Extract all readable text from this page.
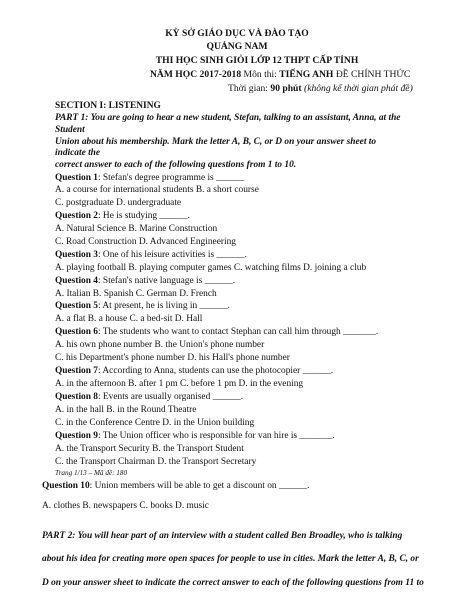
KỲ SỞ GIÁO DỤC VÀ ĐÀO TẠO
QUẢNG NAM
THI HỌC SINH GIỎI LỚP 12 THPT CẤP TỈNH
NĂM HỌC 2017-2018 Môn thi: TIẾNG ANH ĐỀ CHÍNH THỨC
Thời gian: 90 phút (không kể thời gian phát đề)
SECTION I: LISTENING
PART 1: You are going to hear a new student, Stefan, talking to an assistant, Anna, at the
Student
Union about his membership. Mark the letter A, B, C, or D on your answer sheet to
indicate the
correct answer to each of the following questions from 1 to 10.
Question 1: Stefan's degree programme is ______
A. a course for international students B. a short course
C. postgraduate D. undergraduate
Question 2: He is studying ______.
A. Natural Science B. Marine Construction
C. Road Construction D. Advanced Engineering
Question 3: One of his leisure activities is ______.
A. playing football B. playing computer games C. watching films D. joining a club
Question 4: Stefan's native language is ______.
A. Italian B. Spanish C. German D. French
Question 5: At present, he is living in ______.
A. a flat B. a house C. a bed-sit D. Hall
Question 6: The students who want to contact Stephan can call him through _______.
A. his own phone number B. the Union's phone number
C. his Department's phone number D. his Hall's phone number
Question 7: According to Anna, students can use the photocopier ______.
A. in the afternoon B. after 1 pm C. before 1 pm D. in the evening
Question 8: Events are usually organised ______.
A. in the hall B. in the Round Theatre
C. in the Conference Centre D. in the Union building
Question 9: The Union officer who is responsible for van hire is _______.
A. the Transport Security B. the Transport Student
C. the Transport Chairman D. the Transport Secretary
Trang 1/13 – Mã đề: 180
Question 10: Union members will be able to get a discount on ______.
A. clothes B. newspapers C. books D. music
PART 2: You will hear part of an interview with a student called Ben Broadley, who is talking
about his idea for creating more open spaces for people to use in cities. Mark the letter A, B, C, or
D on your answer sheet to indicate the correct answer to each of the following questions from 11 to
